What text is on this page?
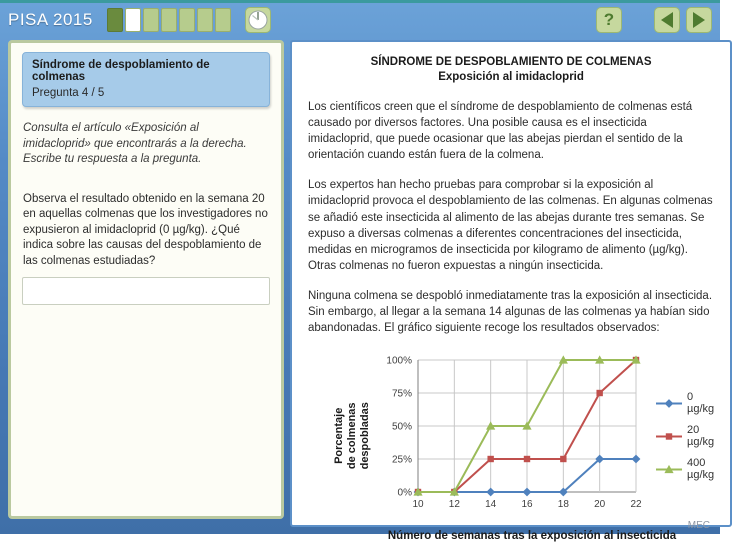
PISA 2015	?
Síndrome de despoblamiento de colmenas
Pregunta 4 / 5

Consulta el artículo «Exposición al imidacloprid» que encontrarás a la derecha. Escribe tu respuesta a la pregunta.

Observa el resultado obtenido en la semana 20 en aquellas colmenas que los investigadores no expusieron al imidacloprid (0 µg/kg). ¿Qué indica sobre las causas del despoblamiento de las colmenas estudiadas?

SÍNDROME DE DESPOBLAMIENTO DE COLMENAS
Exposición al imidacloprid

Los científicos creen que el síndrome de despoblamiento de colmenas está causado por diversos factores. Una posible causa es el insecticida imidacloprid, que puede ocasionar que las abejas pierdan el sentido de la orientación cuando están fuera de la colmena.

Los expertos han hecho pruebas para comprobar si la exposición al imidacloprid provoca el despoblamiento de las colmenas. En algunas colmenas se añadió este insecticida al alimento de las abejas durante tres semanas. Se expuso a diversas colmenas a diferentes concentraciones del insecticida, medidas en microgramos de insecticida por kilogramo de alimento (µg/kg). Otras colmenas no fueron expuestas a ningún insecticida.

Ninguna colmena se despobló inmediatamente tras la exposición al insecticida. Sin embargo, al llegar a la semana 14 algunas de las colmenas ya habían sido abandonadas. El gráfico siguiente recoge los resultados observados:

Porcentaje de colmenas despobladas
0%
25%
50%
75%
100%
10	12	14	16	18	20	22
0 µg/kg
20 µg/kg
400 µg/kg
Número de semanas tras la exposición al insecticida
MEC
